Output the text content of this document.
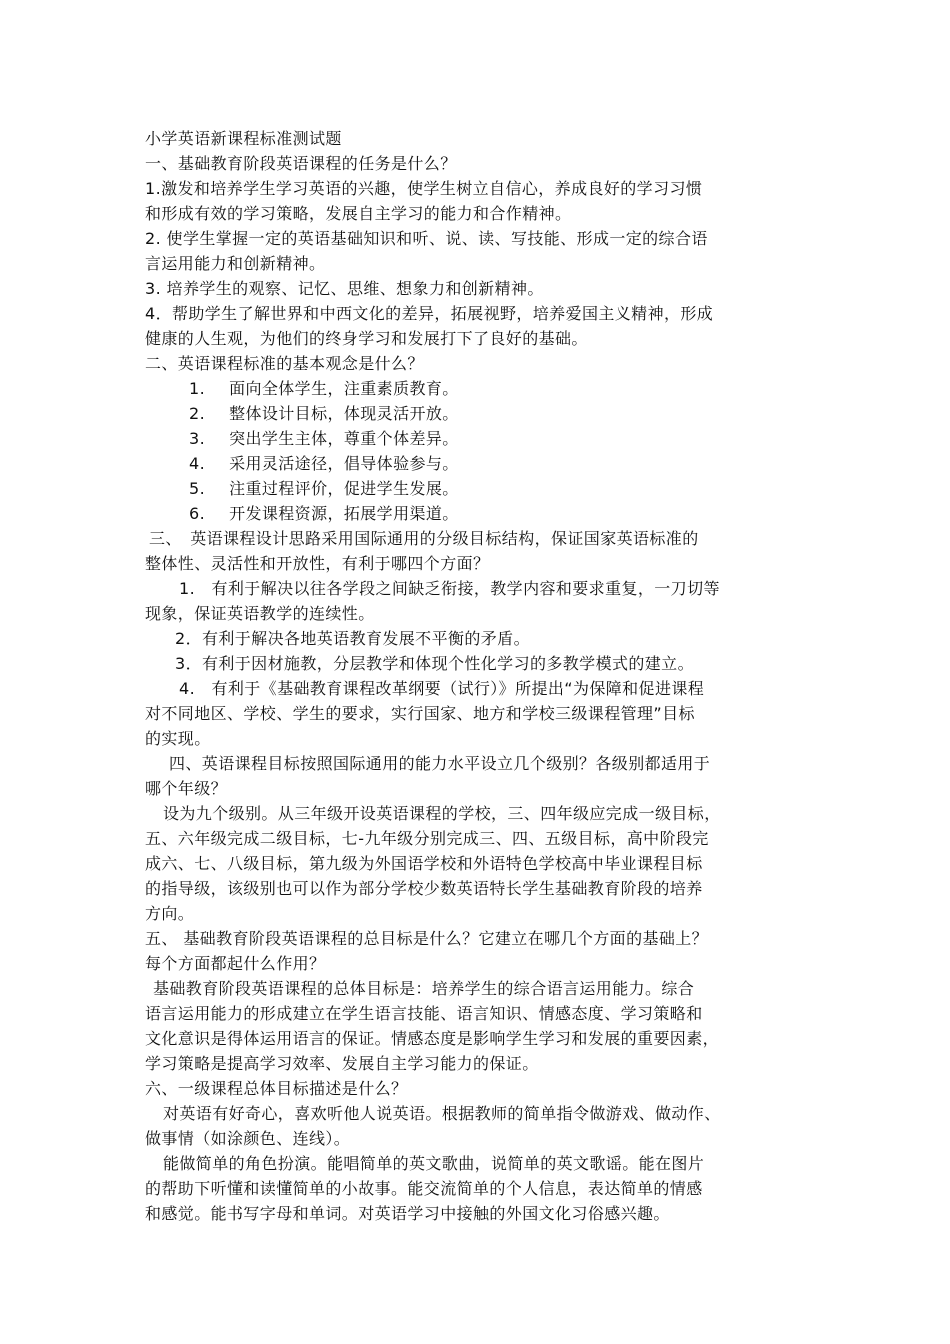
小学英语新课程标准测试题
一、基础教育阶段英语课程的任务是什么？
1.激发和培养学生学习英语的兴趣，使学生树立自信心，养成良好的学习习惯
和形成有效的学习策略，发展自主学习的能力和合作精神。
2. 使学生掌握一定的英语基础知识和听、说、读、写技能、形成一定的综合语
言运用能力和创新精神。
3. 培养学生的观察、记忆、思维、想象力和创新精神。
4．帮助学生了解世界和中西文化的差异，拓展视野，培养爱国主义精神，形成
健康的人生观，为他们的终身学习和发展打下了良好的基础。
二、英语课程标准的基本观念是什么？
1. 面向全体学生，注重素质教育。
2. 整体设计目标，体现灵活开放。
3. 突出学生主体，尊重个体差异。
4. 采用灵活途径，倡导体验参与。
5. 注重过程评价，促进学生发展。
6. 开发课程资源，拓展学用渠道。
三、　英语课程设计思路采用国际通用的分级目标结构，保证国家英语标准的
整体性、灵活性和开放性，有利于哪四个方面？
1.　有利于解决以往各学段之间缺乏衔接，教学内容和要求重复，一刀切等
现象，保证英语教学的连续性。
2．有利于解决各地英语教育发展不平衡的矛盾。
3．有利于因材施教，分层教学和体现个性化学习的多教学模式的建立。
4.　有利于《基础教育课程改革纲要（试行）》所提出“为保障和促进课程
对不同地区、学校、学生的要求，实行国家、地方和学校三级课程管理”目标
的实现。
四、英语课程目标按照国际通用的能力水平设立几个级别？各级别都适用于
哪个年级？
设为九个级别。从三年级开设英语课程的学校，三、四年级应完成一级目标，
五、六年级完成二级目标，七-九年级分别完成三、四、五级目标，高中阶段完
成六、七、八级目标，第九级为外国语学校和外语特色学校高中毕业课程目标
的指导级，该级别也可以作为部分学校少数英语特长学生基础教育阶段的培养
方向。
五、 基础教育阶段英语课程的总目标是什么？它建立在哪几个方面的基础上？
每个方面都起什么作用？
基础教育阶段英语课程的总体目标是：培养学生的综合语言运用能力。综合
语言运用能力的形成建立在学生语言技能、语言知识、情感态度、学习策略和
文化意识是得体运用语言的保证。情感态度是影响学生学习和发展的重要因素，
学习策略是提高学习效率、发展自主学习能力的保证。
六、一级课程总体目标描述是什么？
对英语有好奇心，喜欢听他人说英语。根据教师的简单指令做游戏、做动作、
做事情（如涂颜色、连线）。
能做简单的角色扮演。能唱简单的英文歌曲，说简单的英文歌谣。能在图片
的帮助下听懂和读懂简单的小故事。能交流简单的个人信息，表达简单的情感
和感觉。能书写字母和单词。对英语学习中接触的外国文化习俗感兴趣。
